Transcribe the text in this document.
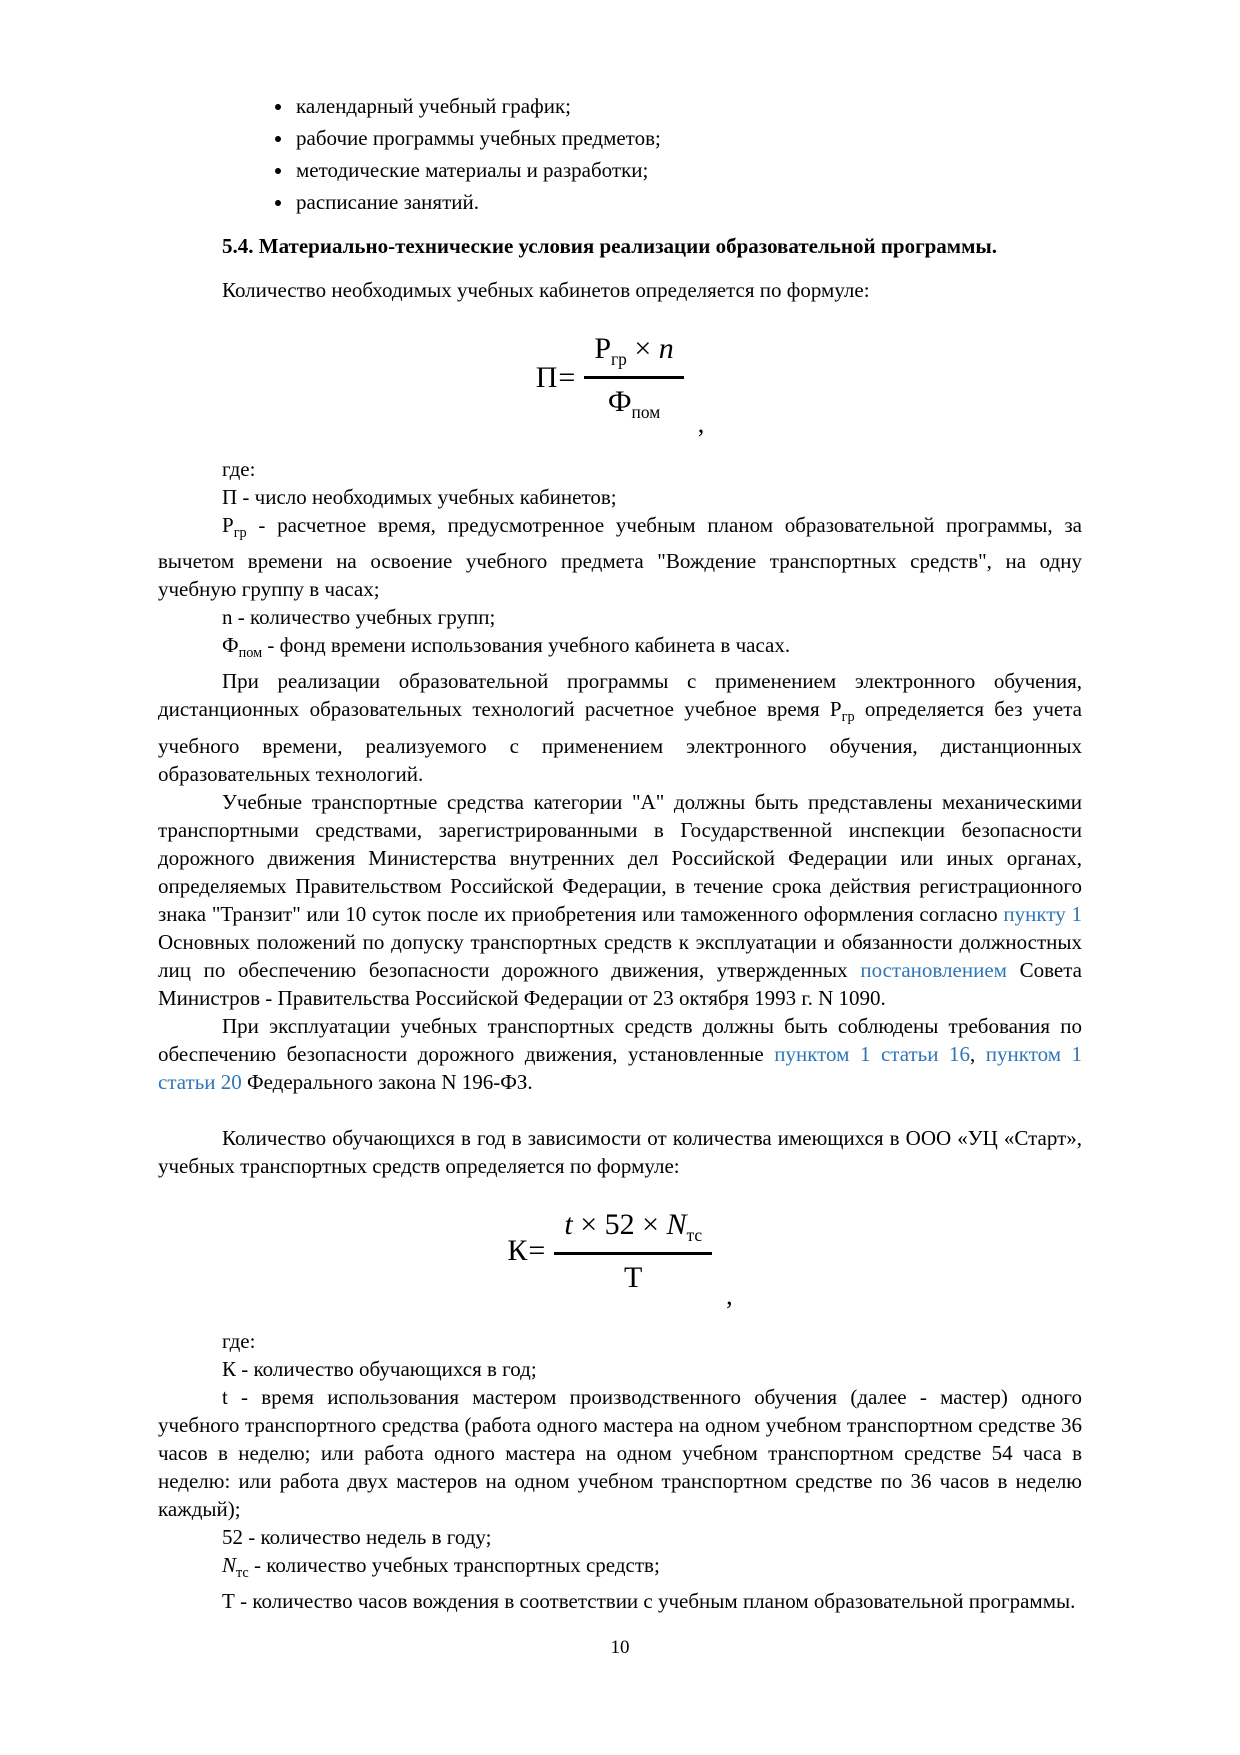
• календарный учебный график;
• рабочие программы учебных предметов;
• методические материалы и разработки;
• расписание занятий.

5.4. Материально-технические условия реализации образовательной программы.

Количество необходимых учебных кабинетов определяется по формуле:

$П= \frac{Р_{гр} \times n}{Ф_{пом}}$ ,

где:

П - число необходимых учебных кабинетов;

$Р_{гр}$ - расчетное время, предусмотренное учебным планом образовательной программы, за вычетом времени на освоение учебного предмета "Вождение транспортных средств", на одну учебную группу в часах;

n - количество учебных групп;

$Ф_{пом}$ - фонд времени использования учебного кабинета в часах.

При реализации образовательной программы с применением электронного обучения, дистанционных образовательных технологий расчетное учебное время $Р_{гр}$ определяется без учета учебного времени, реализуемого с применением электронного обучения, дистанционных образовательных технологий.

Учебные транспортные средства категории "А" должны быть представлены механическими транспортными средствами, зарегистрированными в Государственной инспекции безопасности дорожного движения Министерства внутренних дел Российской Федерации или иных органах, определяемых Правительством Российской Федерации, в течение срока действия регистрационного знака "Транзит" или 10 суток после их приобретения или таможенного оформления согласно пункту 1 Основных положений по допуску транспортных средств к эксплуатации и обязанности должностных лиц по обеспечению безопасности дорожного движения, утвержденных постановлением Совета Министров - Правительства Российской Федерации от 23 октября 1993 г. N 1090.

При эксплуатации учебных транспортных средств должны быть соблюдены требования по обеспечению безопасности дорожного движения, установленные пунктом 1 статьи 16, пунктом 1 статьи 20 Федерального закона N 196-ФЗ.

Количество обучающихся в год в зависимости от количества имеющихся в ООО «УЦ «Старт», учебных транспортных средств определяется по формуле:

$К= \frac{t \times 52 \times N_{тс}}{Т}$ ,

где:

К - количество обучающихся в год;

t - время использования мастером производственного обучения (далее - мастер) одного учебного транспортного средства (работа одного мастера на одном учебном транспортном средстве 36 часов в неделю; или работа одного мастера на одном учебном транспортном средстве 54 часа в неделю: или работа двух мастеров на одном учебном транспортном средстве по 36 часов в неделю каждый);

52 - количество недель в году;

$N_{тс}$ - количество учебных транспортных средств;

Т - количество часов вождения в соответствии с учебным планом образовательной программы.

10
